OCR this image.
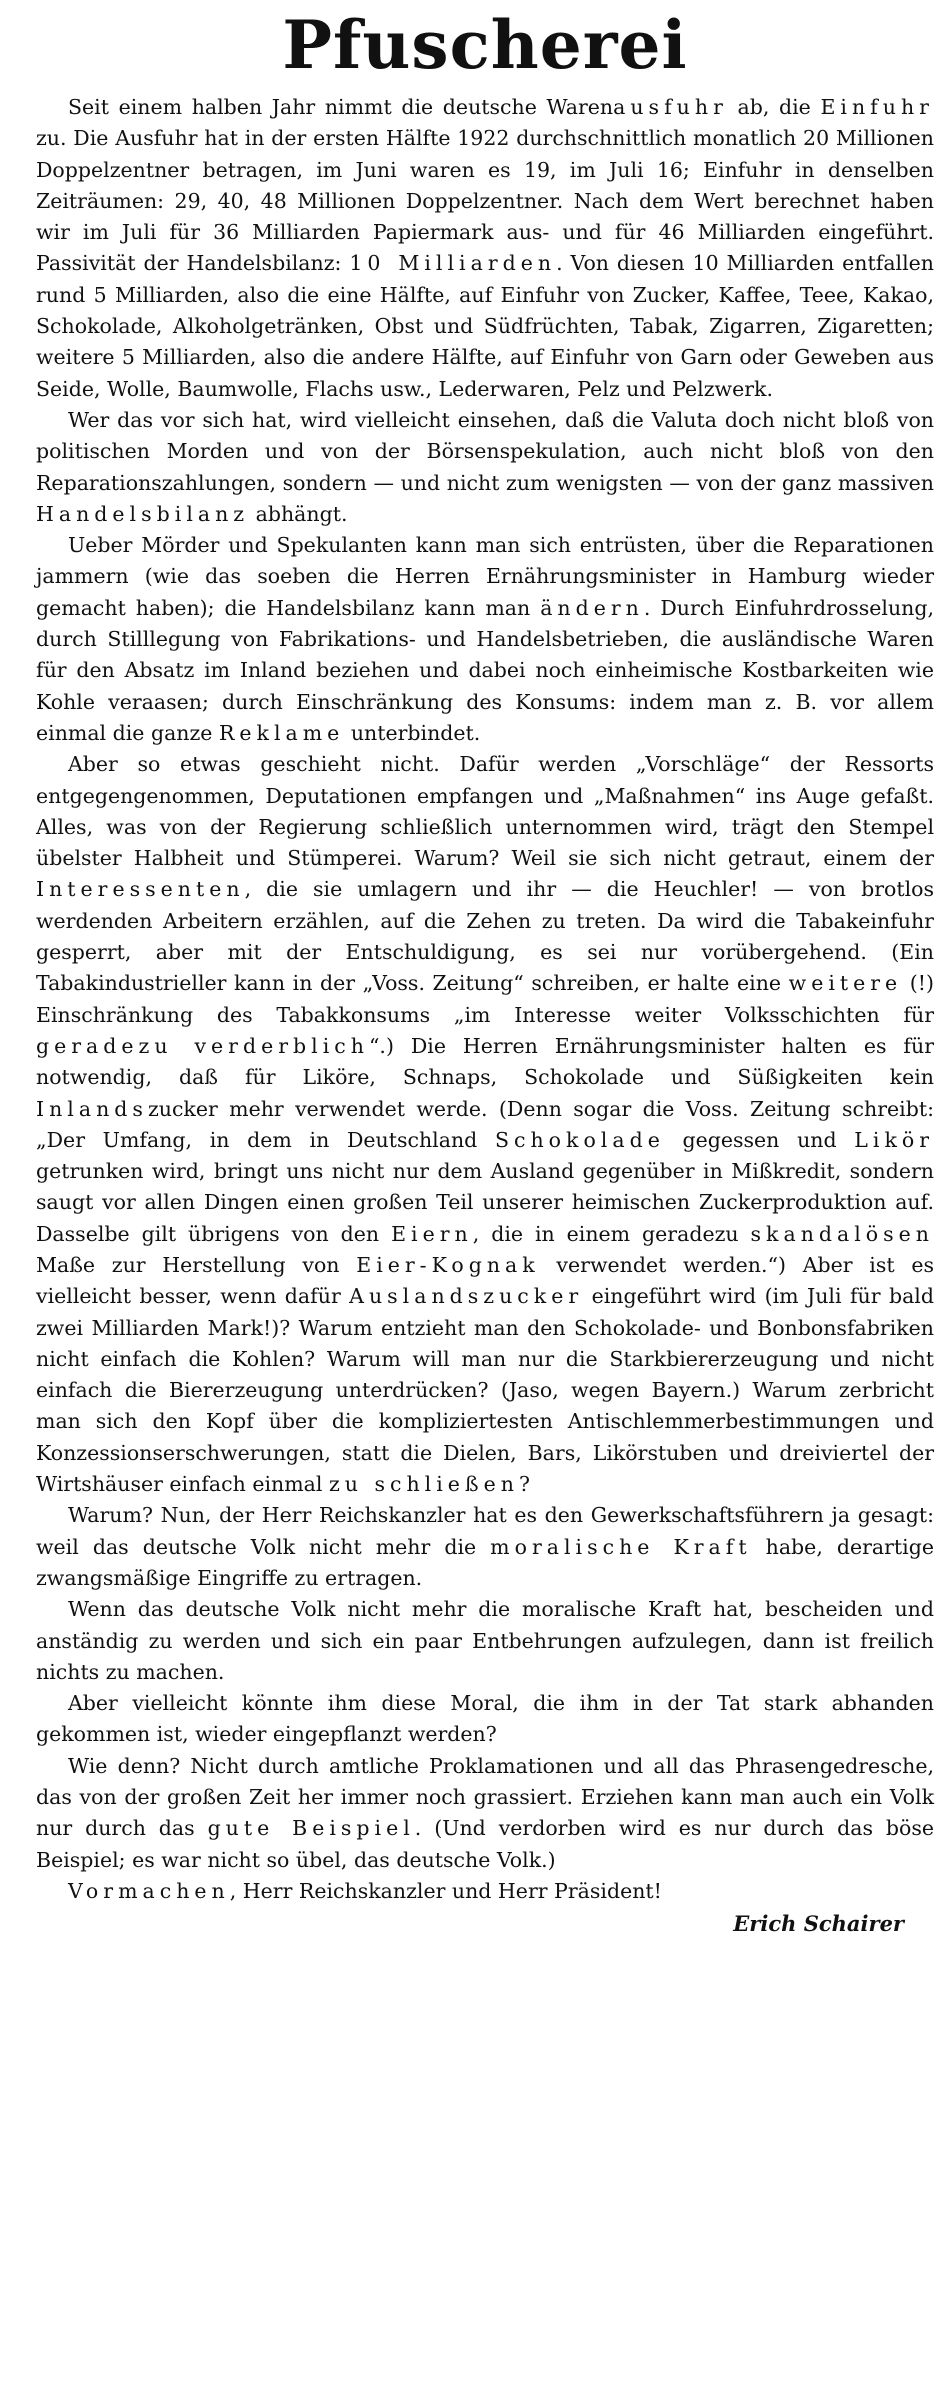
Pfuscherei

Seit einem halben Jahr nimmt die deutsche Warenausfuhr ab, die Einfuhr zu. Die Ausfuhr hat in der ersten Hälfte 1922 durchschnittlich monatlich 20 Millionen Doppelzentner betragen, im Juni waren es 19, im Juli 16; Einfuhr in denselben Zeiträumen: 29, 40, 48 Millionen Doppelzentner. Nach dem Wert berechnet haben wir im Juli für 36 Milliarden Papiermark aus- und für 46 Milliarden eingeführt. Passivität der Handelsbilanz: 10 Milliarden. Von diesen 10 Milliarden entfallen rund 5 Milliarden, also die eine Hälfte, auf Einfuhr von Zucker, Kaffee, Teee, Kakao, Schokolade, Alkoholgetränken, Obst und Südfrüchten, Tabak, Zigarren, Zigaretten; weitere 5 Milliarden, also die andere Hälfte, auf Einfuhr von Garn oder Geweben aus Seide, Wolle, Baumwolle, Flachs usw., Lederwaren, Pelz und Pelzwerk.

Wer das vor sich hat, wird vielleicht einsehen, daß die Valuta doch nicht bloß von politischen Morden und von der Börsenspekulation, auch nicht bloß von den Reparationszahlungen, sondern — und nicht zum wenigsten — von der ganz massiven Handelsbilanz abhängt.

Ueber Mörder und Spekulanten kann man sich entrüsten, über die Reparationen jammern (wie das soeben die Herren Ernährungsminister in Hamburg wieder gemacht haben); die Handelsbilanz kann man ändern. Durch Einfuhrdrosselung, durch Stilllegung von Fabrikations- und Handelsbetrieben, die ausländische Waren für den Absatz im Inland beziehen und dabei noch einheimische Kostbarkeiten wie Kohle veraasen; durch Einschränkung des Konsums: indem man z. B. vor allem einmal die ganze Reklame unterbindet.

Aber so etwas geschieht nicht. Dafür werden „Vorschläge“ der Ressorts entgegengenommen, Deputationen empfangen und „Maßnahmen“ ins Auge gefaßt. Alles, was von der Regierung schließlich unternommen wird, trägt den Stempel übelster Halbheit und Stümperei. Warum? Weil sie sich nicht getraut, einem der Interessenten, die sie umlagern und ihr — die Heuchler! — von brotlos werdenden Arbeitern erzählen, auf die Zehen zu treten. Da wird die Tabakeinfuhr gesperrt, aber mit der Entschuldigung, es sei nur vorübergehend. (Ein Tabakindustrieller kann in der „Voss. Zeitung“ schreiben, er halte eine weitere (!) Einschränkung des Tabakkonsums „im Interesse weiter Volksschichten für geradezu verderblich“.) Die Herren Ernährungsminister halten es für notwendig, daß für Liköre, Schnaps, Schokolade und Süßigkeiten kein Inlandszucker mehr verwendet werde. (Denn sogar die Voss. Zeitung schreibt: „Der Umfang, in dem in Deutschland Schokolade gegessen und Likör getrunken wird, bringt uns nicht nur dem Ausland gegenüber in Mißkredit, sondern saugt vor allen Dingen einen großen Teil unserer heimischen Zuckerproduktion auf. Dasselbe gilt übrigens von den Eiern, die in einem geradezu skandalösen Maße zur Herstellung von Eier-Kognak verwendet werden.“) Aber ist es vielleicht besser, wenn dafür Auslandszucker eingeführt wird (im Juli für bald zwei Milliarden Mark!)? Warum entzieht man den Schokolade- und Bonbonsfabriken nicht einfach die Kohlen? Warum will man nur die Starkbiererzeugung und nicht einfach die Biererzeugung unterdrücken? (Jaso, wegen Bayern.) Warum zerbricht man sich den Kopf über die kompliziertesten Antischlemmerbestimmungen und Konzessionserschwerungen, statt die Dielen, Bars, Likörstuben und dreiviertel der Wirtshäuser einfach einmal zu schließen?

Warum? Nun, der Herr Reichskanzler hat es den Gewerkschaftsführern ja gesagt: weil das deutsche Volk nicht mehr die moralische Kraft habe, derartige zwangsmäßige Eingriffe zu ertragen.

Wenn das deutsche Volk nicht mehr die moralische Kraft hat, bescheiden und anständig zu werden und sich ein paar Entbehrungen aufzulegen, dann ist freilich nichts zu machen.

Aber vielleicht könnte ihm diese Moral, die ihm in der Tat stark abhanden gekommen ist, wieder eingepflanzt werden?

Wie denn? Nicht durch amtliche Proklamationen und all das Phrasengedresche, das von der großen Zeit her immer noch grassiert. Erziehen kann man auch ein Volk nur durch das gute Beispiel. (Und verdorben wird es nur durch das böse Beispiel; es war nicht so übel, das deutsche Volk.)

Vormachen, Herr Reichskanzler und Herr Präsident!

Erich Schairer
